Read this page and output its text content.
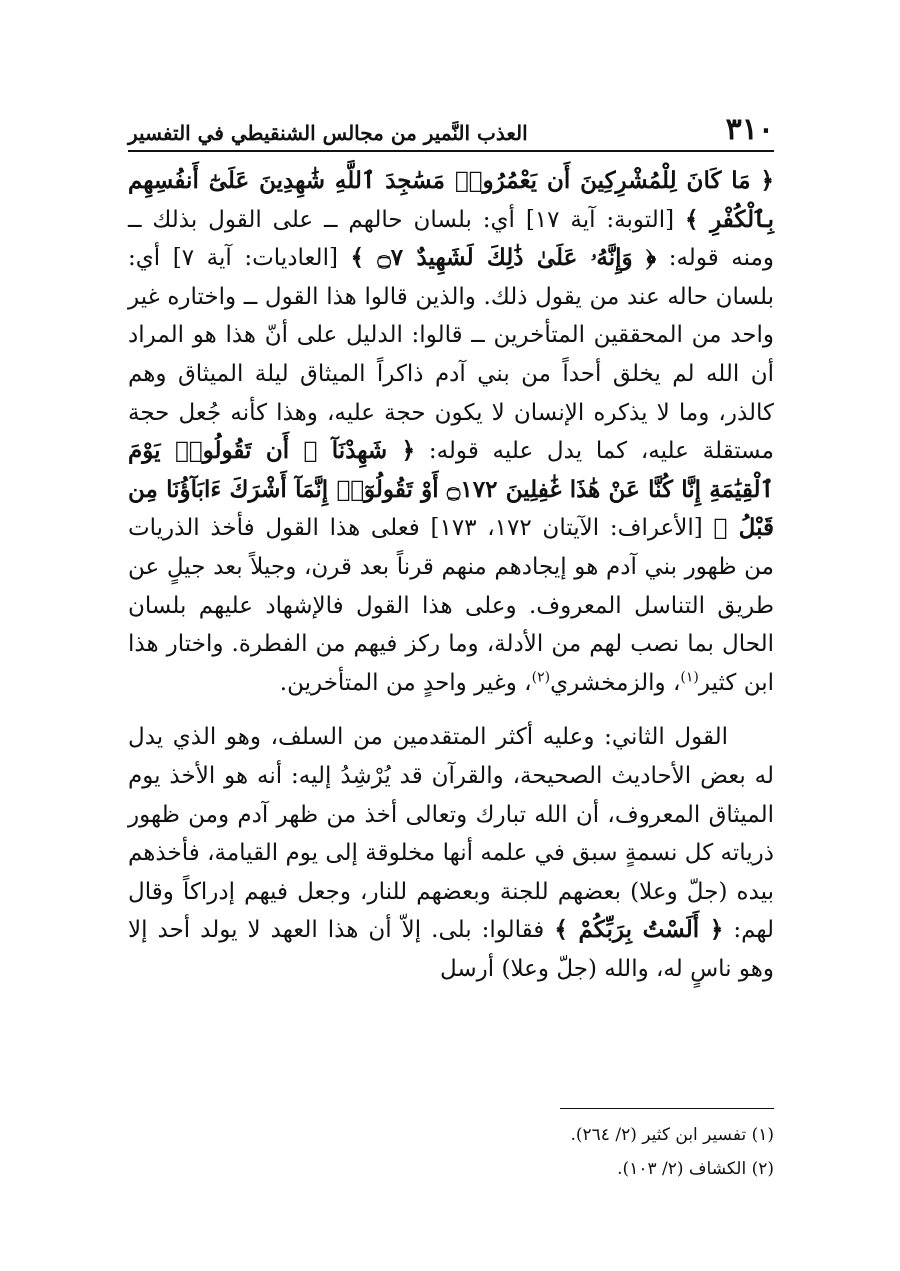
٣١٠
العذب النَّمير من مجالس الشنقيطي في التفسير

﴿ مَا كَانَ لِلْمُشْرِكِينَ أَن يَعْمُرُوا۟ مَسَٰجِدَ ٱللَّهِ شَٰهِدِينَ عَلَىٰٓ أَنفُسِهِم بِٱلْكُفْرِ ﴾ [التوبة: آية ١٧] أي: بلسان حالهم ــ على القول بذلك ــ ومنه قوله: ﴿ وَإِنَّهُۥ عَلَىٰ ذَٰلِكَ لَشَهِيدٌ ۝٧ ﴾ [العاديات: آية ٧] أي: بلسان حاله عند من يقول ذلك. والذين قالوا هذا القول ــ واختاره غير واحد من المحققين المتأخرين ــ قالوا: الدليل على أنّ هذا هو المراد أن الله لم يخلق أحداً من بني آدم ذاكراً الميثاق ليلة الميثاق وهم كالذر، وما لا يذكره الإنسان لا يكون حجة عليه، وهذا كأنه جُعل حجة مستقلة عليه، كما يدل عليه قوله: ﴿ شَهِدْنَآ ۛ أَن تَقُولُوا۟ يَوْمَ ٱلْقِيَٰمَةِ إِنَّا كُنَّا عَنْ هَٰذَا غَٰفِلِينَ ۝١٧٢ أَوْ تَقُولُوٓا۟ إِنَّمَآ أَشْرَكَ ءَابَآؤُنَا مِن قَبْلُ ﴾ [الأعراف: الآيتان ١٧٢، ١٧٣] فعلى هذا القول فأخذ الذريات من ظهور بني آدم هو إيجادهم منهم قرناً بعد قرن، وجيلاً بعد جيلٍ عن طريق التناسل المعروف. وعلى هذا القول فالإشهاد عليهم بلسان الحال بما نصب لهم من الأدلة، وما ركز فيهم من الفطرة. واختار هذا ابن كثير$^{(١)}$، والزمخشري$^{(٢)}$، وغير واحدٍ من المتأخرين.

القول الثاني: وعليه أكثر المتقدمين من السلف، وهو الذي يدل له بعض الأحاديث الصحيحة، والقرآن قد يُرْشِدُ إليه: أنه هو الأخذ يوم الميثاق المعروف، أن الله تبارك وتعالى أخذ من ظهر آدم ومن ظهور ذرياته كل نسمةٍ سبق في علمه أنها مخلوقة إلى يوم القيامة، فأخذهم بيده (جلّ وعلا) بعضهم للجنة وبعضهم للنار، وجعل فيهم إدراكاً وقال لهم: ﴿ أَلَسْتُ بِرَبِّكُمْ ﴾ فقالوا: بلى. إلاّ أن هذا العهد لا يولد أحد إلا وهو ناسٍ له، والله (جلّ وعلا) أرسل

(١) تفسير ابن كثير (٢/ ٢٦٤).

(٢) الكشاف (٢/ ١٠٣).
